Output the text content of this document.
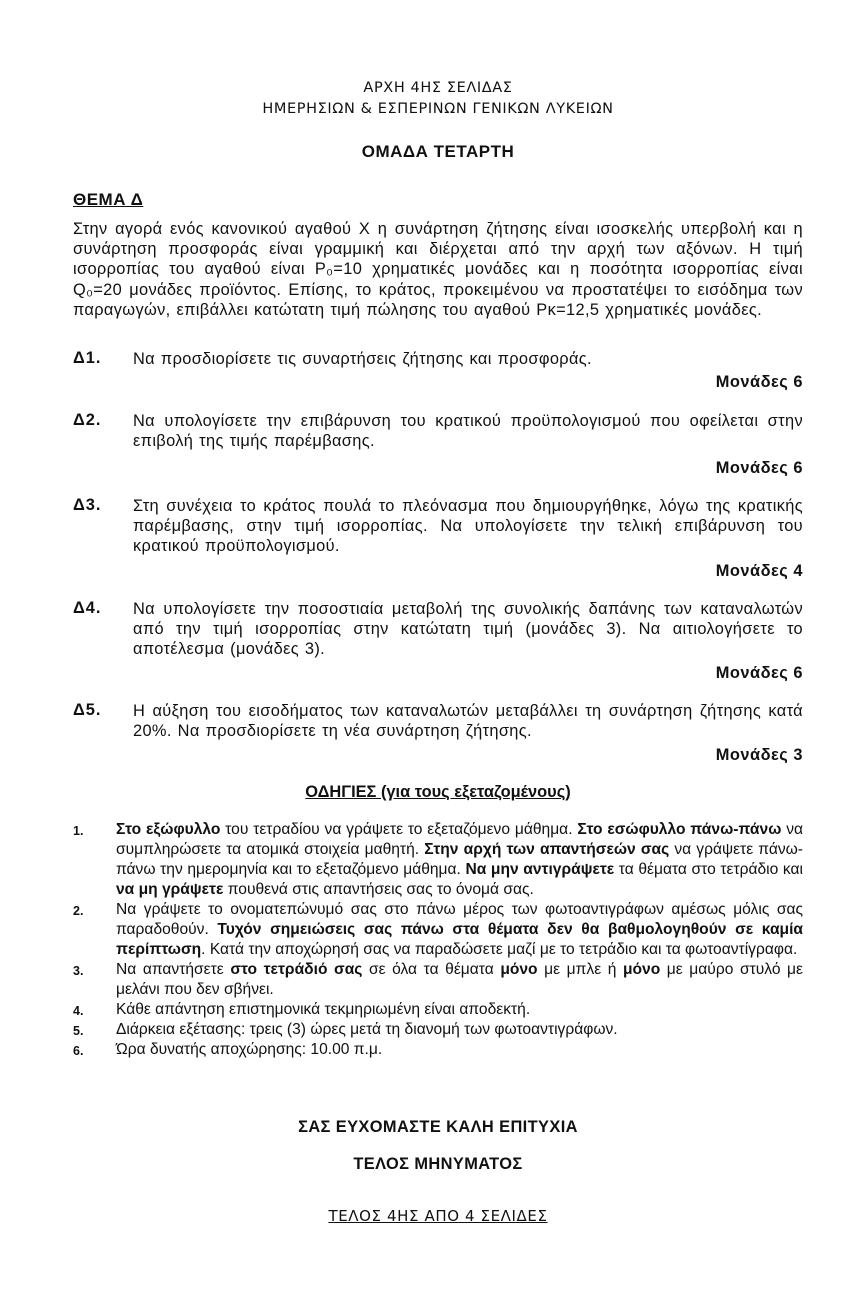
ΑΡΧΗ 4ΗΣ ΣΕΛΙΔΑΣ
ΗΜΕΡΗΣΙΩΝ & ΕΣΠΕΡΙΝΩΝ ΓΕΝΙΚΩΝ ΛΥΚΕΙΩΝ
ΟΜΑΔΑ ΤΕΤΑΡΤΗ
ΘΕΜΑ Δ
Στην αγορά ενός κανονικού αγαθού Χ η συνάρτηση ζήτησης είναι ισοσκελής υπερβολή και η συνάρτηση προσφοράς είναι γραμμική και διέρχεται από την αρχή των αξόνων. Η τιμή ισορροπίας του αγαθού είναι P₀=10 χρηματικές μονάδες και η ποσότητα ισορροπίας είναι Q₀=20 μονάδες προϊόντος. Επίσης, το κράτος, προκειμένου να προστατέψει το εισόδημα των παραγωγών, επιβάλλει κατώτατη τιμή πώλησης του αγαθού Pκ=12,5 χρηματικές μονάδες.
Δ1. Να προσδιορίσετε τις συναρτήσεις ζήτησης και προσφοράς.
Μονάδες 6
Δ2. Να υπολογίσετε την επιβάρυνση του κρατικού προϋπολογισμού που οφείλεται στην επιβολή της τιμής παρέμβασης.
Μονάδες 6
Δ3. Στη συνέχεια το κράτος πουλά το πλεόνασμα που δημιουργήθηκε, λόγω της κρατικής παρέμβασης, στην τιμή ισορροπίας. Να υπολογίσετε την τελική επιβάρυνση του κρατικού προϋπολογισμού.
Μονάδες 4
Δ4. Να υπολογίσετε την ποσοστιαία μεταβολή της συνολικής δαπάνης των καταναλωτών από την τιμή ισορροπίας στην κατώτατη τιμή (μονάδες 3). Να αιτιολογήσετε το αποτέλεσμα (μονάδες 3).
Μονάδες 6
Δ5. Η αύξηση του εισοδήματος των καταναλωτών μεταβάλλει τη συνάρτηση ζήτησης κατά 20%. Να προσδιορίσετε τη νέα συνάρτηση ζήτησης.
Μονάδες 3
ΟΔΗΓΙΕΣ (για τους εξεταζομένους)
1. Στο εξώφυλλο του τετραδίου να γράψετε το εξεταζόμενο μάθημα. Στο εσώφυλλο πάνω-πάνω να συμπληρώσετε τα ατομικά στοιχεία μαθητή. Στην αρχή των απαντήσεών σας να γράψετε πάνω-πάνω την ημερομηνία και το εξεταζόμενο μάθημα. Να μην αντιγράψετε τα θέματα στο τετράδιο και να μη γράψετε πουθενά στις απαντήσεις σας το όνομά σας.
2. Να γράψετε το ονοματεπώνυμό σας στο πάνω μέρος των φωτοαντιγράφων αμέσως μόλις σας παραδοθούν. Τυχόν σημειώσεις σας πάνω στα θέματα δεν θα βαθμολογηθούν σε καμία περίπτωση. Κατά την αποχώρησή σας να παραδώσετε μαζί με το τετράδιο και τα φωτοαντίγραφα.
3. Να απαντήσετε στο τετράδιό σας σε όλα τα θέματα μόνο με μπλε ή μόνο με μαύρο στυλό με μελάνι που δεν σβήνει.
4. Κάθε απάντηση επιστημονικά τεκμηριωμένη είναι αποδεκτή.
5. Διάρκεια εξέτασης: τρεις (3) ώρες μετά τη διανομή των φωτοαντιγράφων.
6. Ώρα δυνατής αποχώρησης: 10.00 π.μ.
ΣΑΣ ΕΥΧΟΜΑΣΤΕ ΚΑΛΗ ΕΠΙΤΥΧΙΑ
ΤΕΛΟΣ ΜΗΝΥΜΑΤΟΣ
ΤΕΛΟΣ 4ΗΣ ΑΠΟ 4 ΣΕΛΙΔΕΣ
